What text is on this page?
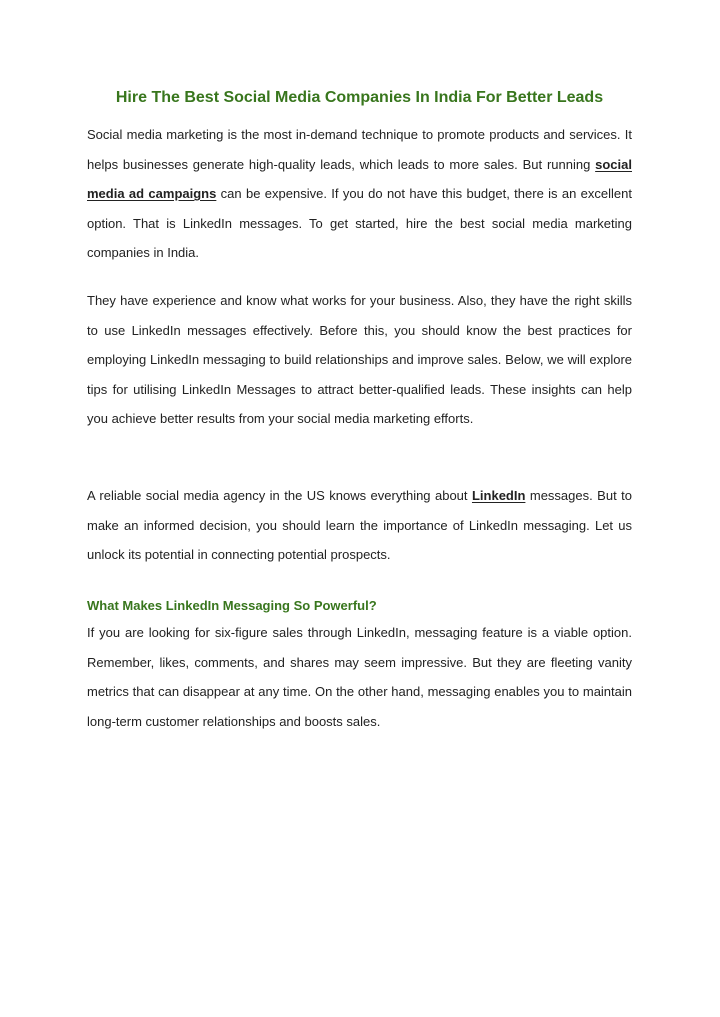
Hire The Best Social Media Companies In India For Better Leads

Social media marketing is the most in-demand technique to promote products and services. It helps businesses generate high-quality leads, which leads to more sales. But running social media ad campaigns can be expensive. If you do not have this budget, there is an excellent option. That is LinkedIn messages. To get started, hire the best social media marketing companies in India.

They have experience and know what works for your business. Also, they have the right skills to use LinkedIn messages effectively. Before this, you should know the best practices for employing LinkedIn messaging to build relationships and improve sales. Below, we will explore tips for utilising LinkedIn Messages to attract better-qualified leads. These insights can help you achieve better results from your social media marketing efforts.

A reliable social media agency in the US knows everything about LinkedIn messages. But to make an informed decision, you should learn the importance of LinkedIn messaging. Let us unlock its potential in connecting potential prospects.

What Makes LinkedIn Messaging So Powerful?

If you are looking for six-figure sales through LinkedIn, messaging feature is a viable option. Remember, likes, comments, and shares may seem impressive. But they are fleeting vanity metrics that can disappear at any time. On the other hand, messaging enables you to maintain long-term customer relationships and boosts sales.
